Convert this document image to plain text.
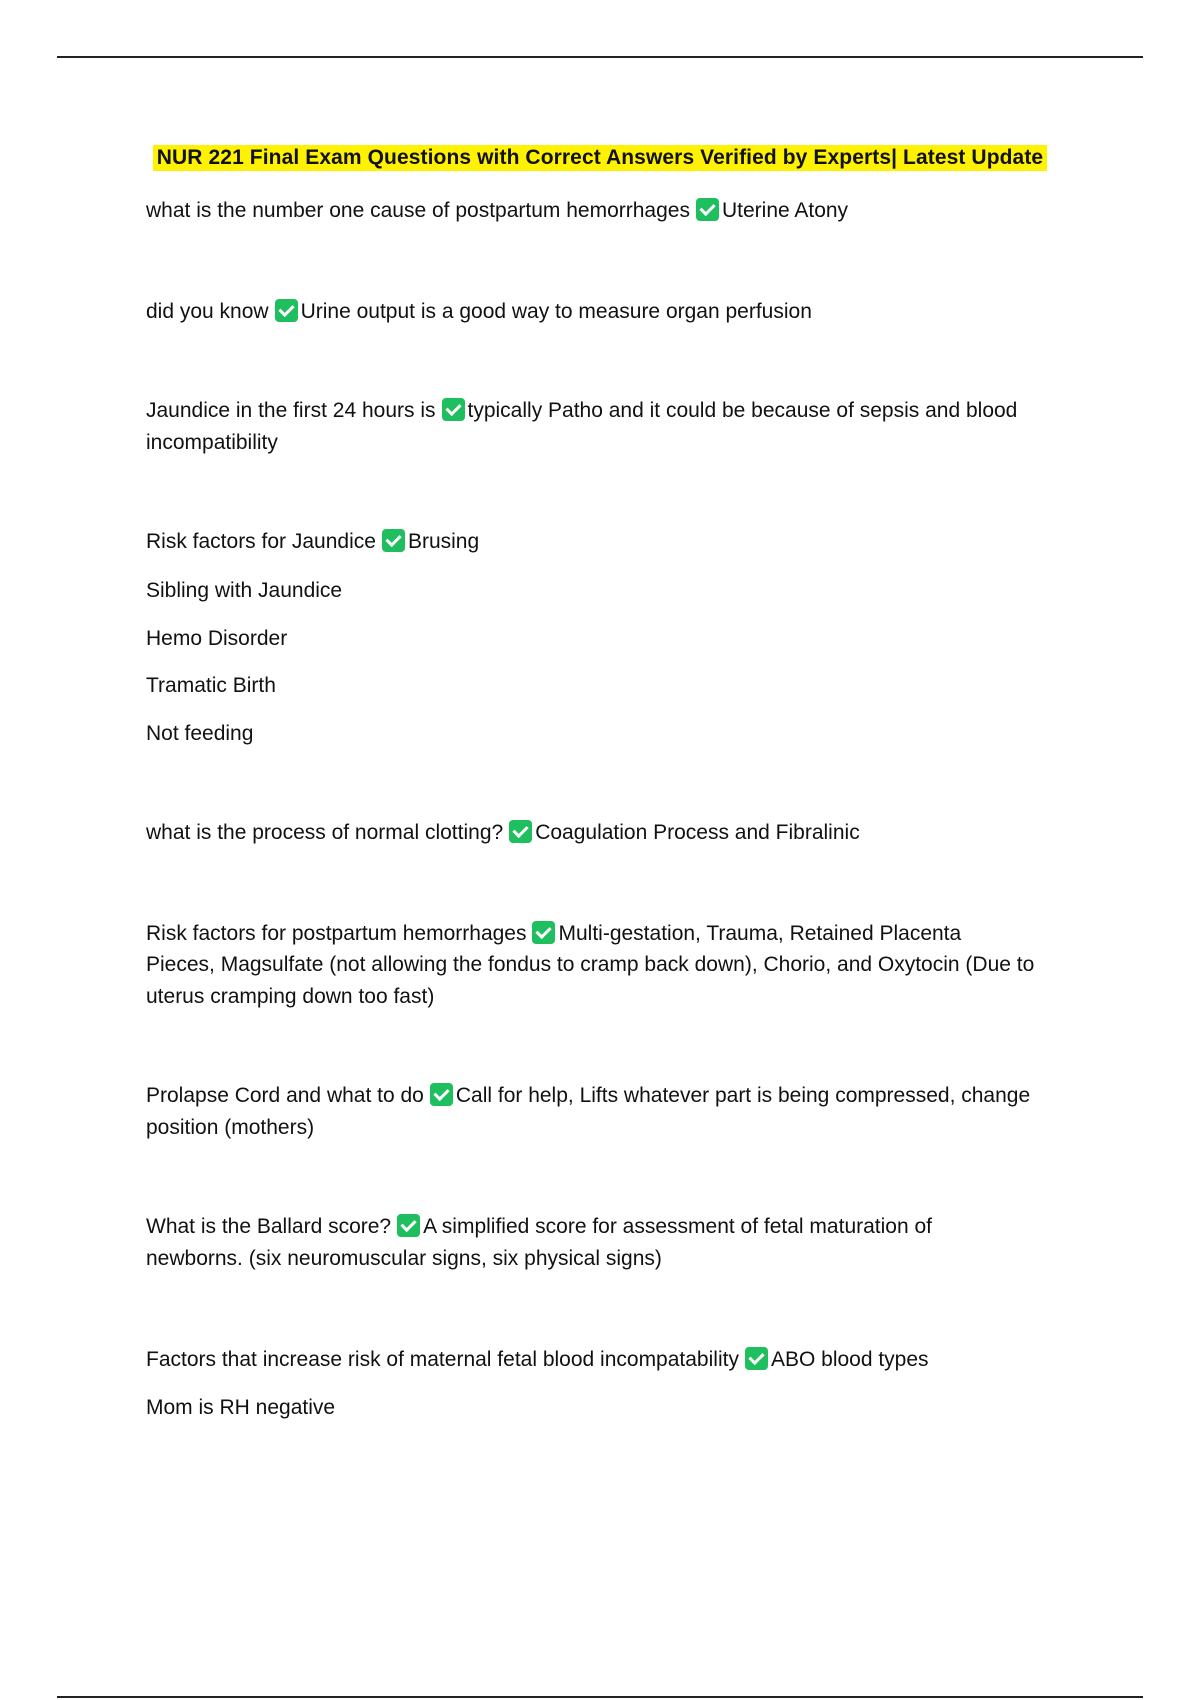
NUR 221 Final Exam Questions with Correct Answers Verified by Experts| Latest Update
what is the number one cause of postpartum hemorrhages Uterine Atony
did you know Urine output is a good way to measure organ perfusion
Jaundice in the first 24 hours is typically Patho and it could be because of sepsis and blood
incompatibility
Risk factors for Jaundice Brusing
Sibling with Jaundice
Hemo Disorder
Tramatic Birth
Not feeding
what is the process of normal clotting? Coagulation Process and Fibralinic
Risk factors for postpartum hemorrhages Multi-gestation, Trauma, Retained Placenta
Pieces, Magsulfate (not allowing the fondus to cramp back down), Chorio, and Oxytocin (Due to
uterus cramping down too fast)
Prolapse Cord and what to do Call for help, Lifts whatever part is being compressed, change
position (mothers)
What is the Ballard score? A simplified score for assessment of fetal maturation of
newborns. (six neuromuscular signs, six physical signs)
Factors that increase risk of maternal fetal blood incompatability ABO blood types
Mom is RH negative
